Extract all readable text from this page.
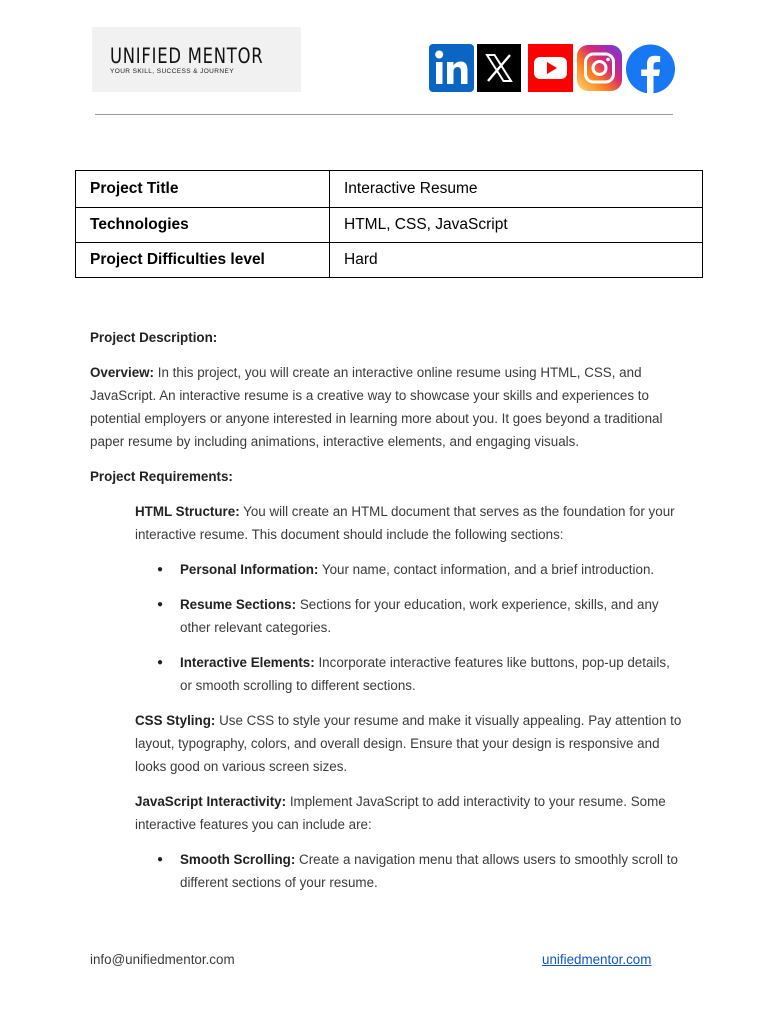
UNIFIED MENTOR
YOUR SKILL, SUCCESS & JOURNEY
Project Title	Interactive Resume
Technologies	HTML, CSS, JavaScript
Project Difficulties level	Hard

Project Description:

Overview: In this project, you will create an interactive online resume using HTML, CSS, and JavaScript. An interactive resume is a creative way to showcase your skills and experiences to potential employers or anyone interested in learning more about you. It goes beyond a traditional paper resume by including animations, interactive elements, and engaging visuals.

Project Requirements:

HTML Structure: You will create an HTML document that serves as the foundation for your interactive resume. This document should include the following sections:

● Personal Information: Your name, contact information, and a brief introduction.
● Resume Sections: Sections for your education, work experience, skills, and any other relevant categories.
● Interactive Elements: Incorporate interactive features like buttons, pop-up details, or smooth scrolling to different sections.

CSS Styling: Use CSS to style your resume and make it visually appealing. Pay attention to layout, typography, colors, and overall design. Ensure that your design is responsive and looks good on various screen sizes.

JavaScript Interactivity: Implement JavaScript to add interactivity to your resume. Some interactive features you can include are:

● Smooth Scrolling: Create a navigation menu that allows users to smoothly scroll to different sections of your resume.
info@unifiedmentor.com	unifiedmentor.com
